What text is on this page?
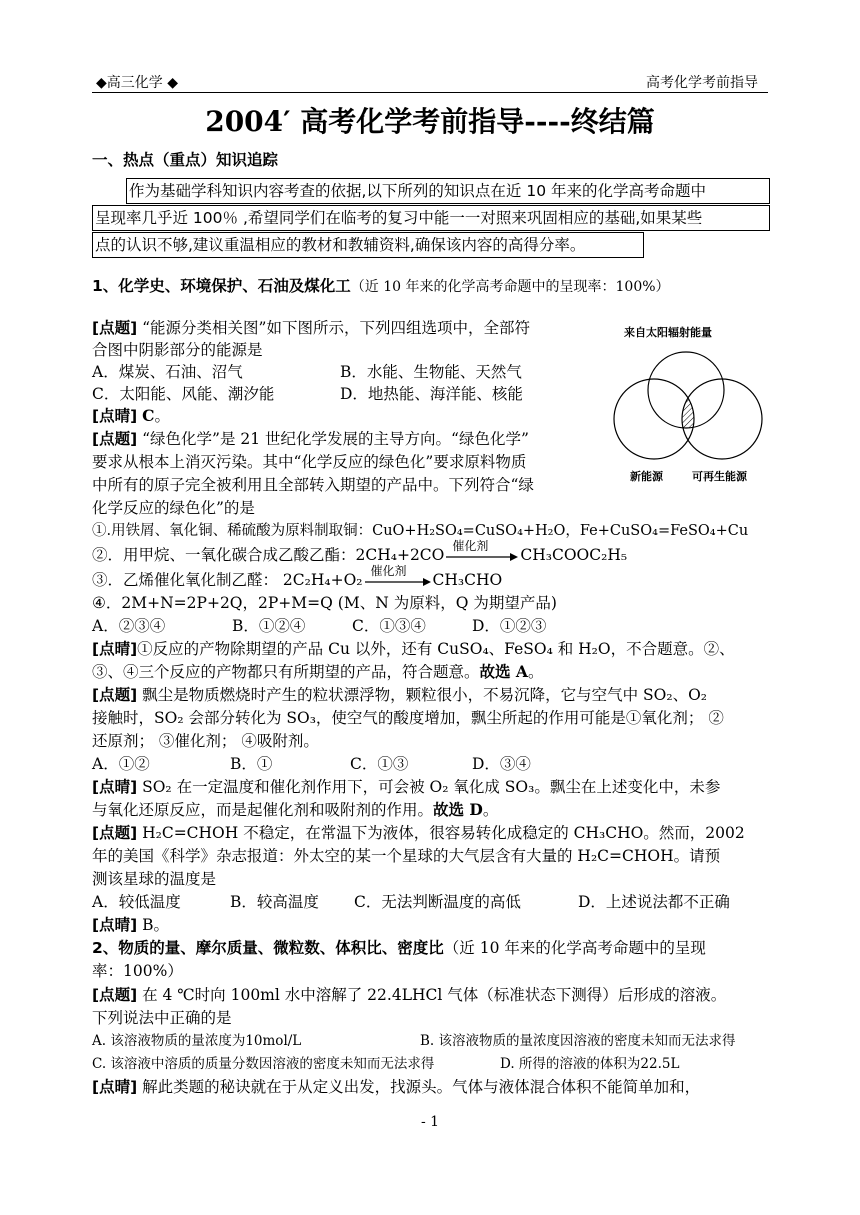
◆高三化学 ◆	高考化学考前指导
2004′ 高考化学考前指导----终结篇
一、热点（重点）知识追踪
作为基础学科知识内容考查的依据,以下所列的知识点在近 10 年来的化学高考命题中
呈现率几乎近 100％ ,希望同学们在临考的复习中能一一对照来巩固相应的基础,如果某些
点的认识不够,建议重温相应的教材和教辅资料,确保该内容的高得分率。
1、化学史、环境保护、石油及煤化工（近 10 年来的化学高考命题中的呈现率：100%）
来自太阳辐射能量
新能源	可再生能源
[点题] “能源分类相关图”如下图所示，下列四组选项中，全部符
合图中阴影部分的能源是
A．煤炭、石油、沼气	B．水能、生物能、天然气
C．太阳能、风能、潮汐能	D．地热能、海洋能、核能
[点晴] C。
[点题] “绿色化学”是 21 世纪化学发展的主导方向。“绿色化学”
要求从根本上消灭污染。其中“化学反应的绿色化”要求原料物质
中所有的原子完全被利用且全部转入期望的产品中。下列符合“绿
化学反应的绿色化”的是
①.用铁屑、氧化铜、稀硫酸为原料制取铜：CuO+H₂SO₄=CuSO₄+H₂O，Fe+CuSO₄=FeSO₄+Cu
②．用甲烷、一氧化碳合成乙酸乙酯：2CH₄+2CO 催化剂 CH₃COOC₂H₅
③．乙烯催化氧化制乙醛： 2C₂H₄+O₂ 催化剂 CH₃CHO
④．2M+N=2P+2Q，2P+M=Q (M、N 为原料，Q 为期望产品)
A．②③④	B．①②④	C．①③④	D．①②③
[点晴]①反应的产物除期望的产品 Cu 以外，还有 CuSO₄、FeSO₄ 和 H₂O，不合题意。②、
③、④三个反应的产物都只有所期望的产品，符合题意。故选 A。
[点题] 飘尘是物质燃烧时产生的粒状漂浮物，颗粒很小，不易沉降，它与空气中 SO₂、O₂
接触时，SO₂ 会部分转化为 SO₃，使空气的酸度增加，飘尘所起的作用可能是①氧化剂； ②
还原剂； ③催化剂； ④吸附剂。
A．①②	B．①	C．①③	D．③④
[点晴] SO₂ 在一定温度和催化剂作用下，可会被 O₂ 氧化成 SO₃。飘尘在上述变化中，未参
与氧化还原反应，而是起催化剂和吸附剂的作用。故选 D。
[点题] H₂C=CHOH 不稳定，在常温下为液体，很容易转化成稳定的 CH₃CHO。然而，2002
年的美国《科学》杂志报道：外太空的某一个星球的大气层含有大量的 H₂C=CHOH。请预
测该星球的温度是
A．较低温度	B．较高温度 C．无法判断温度的高低	D．上述说法都不正确
[点晴] B。
2、物质的量、摩尔质量、微粒数、体积比、密度比（近 10 年来的化学高考命题中的呈现
率：100%）
[点题] 在 4 ℃时向 100ml 水中溶解了 22.4LHCl 气体（标准状态下测得）后形成的溶液。
下列说法中正确的是
A. 该溶液物质的量浓度为10mol/L	B. 该溶液物质的量浓度因溶液的密度未知而无法求得
C. 该溶液中溶质的质量分数因溶液的密度未知而无法求得	D. 所得的溶液的体积为22.5L
[点晴] 解此类题的秘诀就在于从定义出发，找源头。气体与液体混合体积不能简单加和，
- 1
